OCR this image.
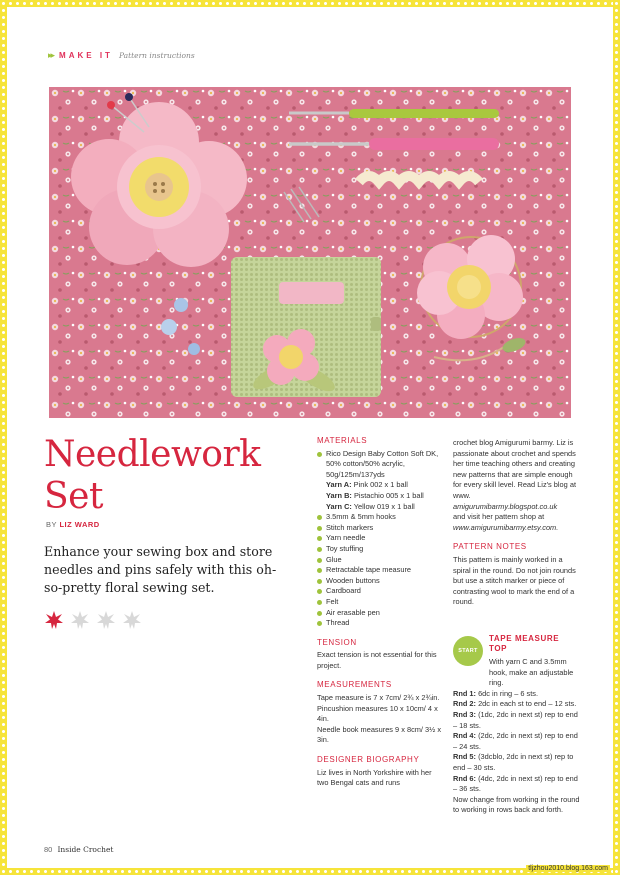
▸▸ MAKE IT Pattern instructions
Needlework Set
BY LIZ WARD
Enhance your sewing box and store needles and pins safely with this oh-so-pretty floral sewing set.
MATERIALS
Rico Design Baby Cotton Soft DK, 50% cotton/50% acrylic, 50g/125m/137yds
Yarn A: Pink 002 x 1 ball
Yarn B: Pistachio 005 x 1 ball
Yarn C: Yellow 019 x 1 ball
3.5mm & 5mm hooks
Stitch markers
Yarn needle
Toy stuffing
Glue
Retractable tape measure
Wooden buttons
Cardboard
Felt
Air erasable pen
Thread
TENSION
Exact tension is not essential for this project.
MEASUREMENTS
Tape measure is 7 x 7cm/ 2¾ x 2¾in.
Pincushion measures 10 x 10cm/ 4 x 4in.
Needle book measures 9 x 8cm/ 3½ x 3in.
DESIGNER BIOGRAPHY
Liz lives in North Yorkshire with her two Bengal cats and runs
crochet blog Amigurumi barmy. Liz is passionate about crochet and spends her time teaching others and creating new patterns that are simple enough for every skill level. Read Liz's blog at www.
amigurumibarmy.blogspot.co.uk
and visit her pattern shop at
www.amigurumibarmy.etsy.com.
PATTERN NOTES
This pattern is mainly worked in a spiral in the round. Do not join rounds but use a stitch marker or piece of contrasting wool to mark the end of a round.
START
TAPE MEASURE
TOP
With yarn C and 3.5mm hook, make an adjustable ring.
Rnd 1: 6dc in ring – 6 sts.
Rnd 2: 2dc in each st to end – 12 sts.
Rnd 3: (1dc, 2dc in next st) rep to end – 18 sts.
Rnd 4: (2dc, 2dc in next st) rep to end – 24 sts.
Rnd 5: (3dcblo, 2dc in next st) rep to end – 30 sts.
Rnd 6: (4dc, 2dc in next st) rep to end – 36 sts.
Now change from working in the round to working in rows back and forth.
80 Inside Crochet
tljzhou2010.blog.163.com
